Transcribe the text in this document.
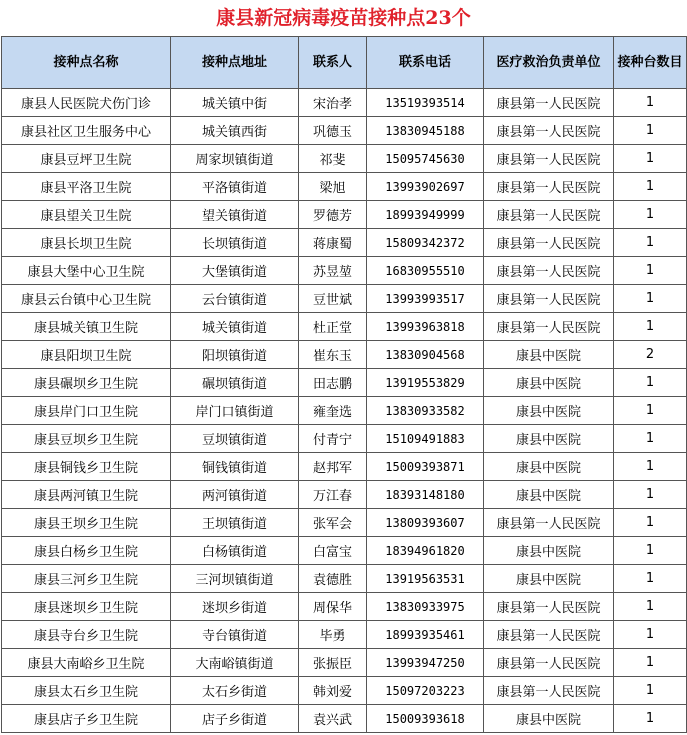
康县新冠病毒疫苗接种点23个
接种点名称	接种点地址	联系人	联系电话	医疗救治负责单位	接种台数目
康县人民医院犬伤门诊	城关镇中街	宋治孝	13519393514	康县第一人民医院	1
康县社区卫生服务中心	城关镇西街	巩德玉	13830945188	康县第一人民医院	1
康县豆坪卫生院	周家坝镇街道	祁斐	15095745630	康县第一人民医院	1
康县平洛卫生院	平洛镇街道	梁旭	13993902697	康县第一人民医院	1
康县望关卫生院	望关镇街道	罗德芳	18993949999	康县第一人民医院	1
康县长坝卫生院	长坝镇街道	蒋康蜀	15809342372	康县第一人民医院	1
康县大堡中心卫生院	大堡镇街道	苏昱堃	16830955510	康县第一人民医院	1
康县云台镇中心卫生院	云台镇街道	豆世斌	13993993517	康县第一人民医院	1
康县城关镇卫生院	城关镇街道	杜正堂	13993963818	康县第一人民医院	1
康县阳坝卫生院	阳坝镇街道	崔东玉	13830904568	康县中医院	2
康县碾坝乡卫生院	碾坝镇街道	田志鹏	13919553829	康县中医院	1
康县岸门口卫生院	岸门口镇街道	雍奎选	13830933582	康县中医院	1
康县豆坝乡卫生院	豆坝镇街道	付青宁	15109491883	康县中医院	1
康县铜钱乡卫生院	铜钱镇街道	赵邦军	15009393871	康县中医院	1
康县两河镇卫生院	两河镇街道	万江春	18393148180	康县中医院	1
康县王坝乡卫生院	王坝镇街道	张军会	13809393607	康县第一人民医院	1
康县白杨乡卫生院	白杨镇街道	白富宝	18394961820	康县中医院	1
康县三河乡卫生院	三河坝镇街道	袁德胜	13919563531	康县中医院	1
康县迷坝乡卫生院	迷坝乡街道	周保华	13830933975	康县第一人民医院	1
康县寺台乡卫生院	寺台镇街道	毕勇	18993935461	康县第一人民医院	1
康县大南峪乡卫生院	大南峪镇街道	张振臣	13993947250	康县第一人民医院	1
康县太石乡卫生院	太石乡街道	韩刘爱	15097203223	康县第一人民医院	1
康县店子乡卫生院	店子乡街道	袁兴武	15009393618	康县中医院	1
